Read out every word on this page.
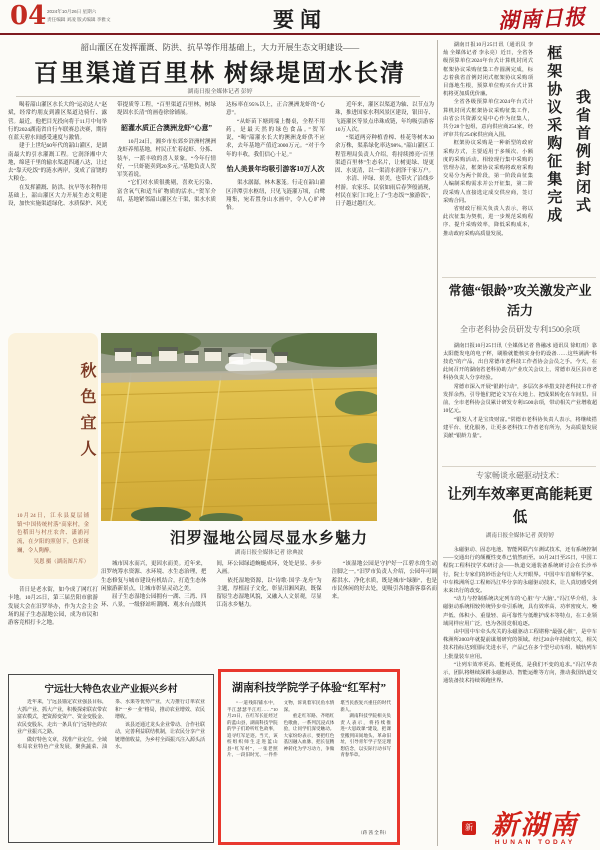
04 2024年10月26日 星期六
责任编辑 刘凌 版式编辑 李雅文	要闻	湖南日报
韶山灌区在发挥灌溉、防洪、抗旱等作用基础上，大力开展生态文明建设——
百里渠道百里林 树绿堤固水长清
湖南日报全媒体记者 彭婷

喝着韶山灌区水长大的“运动达人”赵斌，经常约朋友到灌区渠道边骑行、露营。最近，他把目光投向将于11月中旬举行的2024湖南省自行车联赛总决赛，期待在蓝天碧水间感受速度与激情。

建于上世纪60年代的韶山灌区，是湖南最大的引水灌溉工程。它润泽湘中大地，绵延千里的输水渠道四通八达，让过去“靠天吃饭”的涟水两岸，变成了富饶的大粮仓。

在发挥灌溉、防洪、抗旱等水利作用基础上，韶山灌区大力开展生态文明建设，加快实施渠道绿化、水质保护、风光带提质等工程，“百里渠道百里林，树绿堤固水长清”的画卷徐徐铺展。

韶灌水质正合澳洲龙虾“心意”

10月24日，湘乡市东郊乡浒洲村澳洲龙虾养殖基地，村民正忙着起虾、分拣、装车，一派丰收的喜人景象。“今年行情好，一只虾能卖到20多元。”基地负责人贺军笑着说。

“它们对水质很挑剔，喜欢无污染、富含氧气和适当矿物质的活水。”贺军介绍，基地紧邻韶山灌区左干渠，渠水水质达标率在95%以上，正合澳洲龙虾的“心意”。

“从虾苗下塘到端上餐桌，全程不用药，是最天然的绿色食品。”贺军说，“喝”韶灌水长大的澳洲龙虾供不应求，去年基地产值近3000万元。“对于今年的丰收，我们信心十足。”

怡人美景年均吸引游客10万人次

渠水潺潺，林木葱茏。行走在韶山灌区洋潭引水枢纽，只见飞涟灌万顷，白鹭翔集，宛若置身山水画中，令人心旷神怡。

近年来，灌区以渠道为轴、以节点为珠，推进国家水利风景区建设，银田寺、飞涟灌区等景点串珠成链，年均吸引游客10万人次。

“渠道两旁种植香樟、桂花等树木30余万株，渠系绿化率达98%。”韶山灌区工程管理局负责人介绍，将持续擦亮“百里渠道百里林”生态名片，让树更绿、堤更固、水更清，以一渠清水润泽千家万户。

水清、岸绿、景美，也带火了沿线乡村游。农家乐、民宿如雨后春笋般涌现，村民在家门口吃上了“生态饭”“旅游饭”，日子越过越红火。

秋色宜人
10月24日，江永县夏层铺镇“中国传统村落”高家村，金色稻田与村庄农舍、潇浦河流，在夕阳的照射下，色彩斑斓，令人陶醉。
吴恩 摄（湖南图片库）
汨罗湿地公园尽显水乡魅力
湖南日报全媒体记者 徐典波

昔日是老水街，如今成了网红打卡地。10月25日，第三届岳阳市旅游发展大会在汨罗举办，作为大会主会场的屈子生态湿地公园，成为市民和游客竞相打卡之地。

城市因水而兴，更因水而美。近年来，汨罗统筹水资源、水环境、水生态治理，把生态修复与城市建设有机结合，打造生态休闲旅游新景点，让城市彰显灵动之美。

屈子生态湿地公园拥有一湖、三湾、四环、八景，一级驿站听潮阁、观水台点缀其间，环公园绿道蜿蜒成环，处处是景、步步入画。

依托湿地资源，以“诗歌·国学·龙舟”为主题，厚植屈子文化，彰显汨湘风韵，既保留原生态湿地风貌，又融入人文景观，尽显江南水乡魅力。

“该湿地公园是守护好一江碧水的生动注脚之一。”汨罗市负责人介绍，公园年可调蓄洪水、净化水质，既是城市“绿肺”，也是市民休闲的好去处，更吸引各地游客慕名而来。

宁远壮大特色农业产业振兴乡村

近年来，宁远县锚定农业强县目标，大抓产业、抓大产业，积极探索联农带农富农模式，把资源变资产、资金变股金、农民变股东，走出一条具有宁远特色的农业产业振兴之路。

做好特色文章，找准产业定位。全域布局农业特色产业发展，聚焦蔬菜、油茶、水果等优势产业，大力推行订单农业和“一乡一业”格局，推动农业增效、农民增收。

该县还通过龙头企业带动、合作社联动，完善利益联结机制，让农民分享产业链增值收益，为乡村全面振兴注入源头活水。

湖南科技学院学子体验“红军村”

“一道残阳铺水中，半江瑟瑟半江红……”10月23日，在红军长征经过的蓝山县，湖南科技学院的学子们聆听红色故事，追寻红军足迹。当天，该校组织师生走进蓝山县“红军村”，一张老照片、一段旧时光、一件件文物，诉说着军民鱼水情深。

重走红军路、齐唱红色歌曲，一系列沉浸式体验，让同学们深受触动。大家纷纷表示，要把红色基因融入血脉，把长征精神转化为学习动力，争做堪当民族复兴重任的时代新人。

湖南科技学院相关负责人表示，将持续推进“大思政课”建设，把课堂搬到田间地头、革命旧址，引导青年学子坚定理想信念，以实际行动书写青春华章。

（蒋 茜 全 科）
框架协议采购征集完成 我省首例封闭式

湖南日报10月25日讯（通讯员 李灿 全媒体记者 李永亮）近日，全省各级预算单位2024年台式计算机封闭式框架协议采购征集工作圆满完成，标志着我省首例封闭式框架协议采购项目落地生根，预算单位购买台式计算机将更加质优价廉。

全省各级预算单位2024年台式计算机封闭式框架协议采购征集工作，由省公共资源交易中心作为征集人，共分28个包组，意向供应商254家，经评审共有254家供应商入围。

框架协议采购是一种新型的政府采购方式，主要适用于多频次、小额度的采购活动。相较现行集中采购的管理办法，框架协议采购将政府采购交易分为两个阶段，第一阶段由征集人编制采购需求并公开征集，第二阶段采购人直接选定成交供应商，签订采购合同。

省财政厅相关负责人表示，将以此次征集为契机，进一步规范采购程序、提升采购效率，降低采购成本，推动政府采购高质量发展。

常德“银龄”攻关激发产业活力
全市老科协会员研发专利1500余项

湖南日报10月25日讯（全媒体记者 鲁融冰 通讯员 徐虹雨）靠太阳能发电的电子秤，刷脸就能核实身份的设备……这些满满“科技范”的产品，出自常德市老科技工作者协会会员之手。今天，在此间召开的湖南省老科协助力产业攻关会议上，常德市及区县市老科协负责人分享经验。

常德市深入开展“银龄行动”，多层次多举措支持老科技工作者发挥余热，引导他们把论文写在大地上、把成果转化在车间里。目前，全市老科协会员累计研发专利1500余项，带动相关产业增收超10亿元。

“银发人才是宝贵财富。”常德市老科协负责人表示，将继续搭建平台、优化服务，让更多老科技工作者老有所为，为高质量发展贡献“银龄力量”。

专家畅谈永磁驱动技术：
让列车效率更高能耗更低
湖南日报全媒体记者 黄婷婷

永磁驱动、固态电池、智能网联汽车测试技术，还有系统控制——交通出行的颠覆性变革已悄然而至。10月24日至25日，中国工程院工程科技学术研讨会——轨道交通装备系统研讨会在长沙举行，院士专家们的妙语金句让人大开眼界。中国中车首席科学家、中车株洲所总工程师冯江华分享的永磁驱动技术，让人真切感受到未来出行的改变。

“动力与控制系统决定列车的‘心脏’与‘大脑’。”冯江华介绍，永磁驱动系统相较传统异步牵引系统，具有效率高、功率密度大、噪声低、体积小、重量轻、高可靠性与低维护成本等特点，在工业领域同样应用广泛，也为各国竞相追逐。

由中国中车牵头攻关的永磁驱动工程堪称“最强心脏”，是中车株洲所2003年就提前谋划研究的领域。经过20余年持续攻关，相关技术指标达到国际先进水平，产品已在多个型号动车组、城轨列车上批量装车应用。

“让列车效率更高、能耗更低，是我们不变的追求。”冯江华表示，团队将继续深耕永磁驱动、智能运维等方向，推动我国轨道交通装备技术持续领跑世界。

新 新湖南
HUNAN TODAY
